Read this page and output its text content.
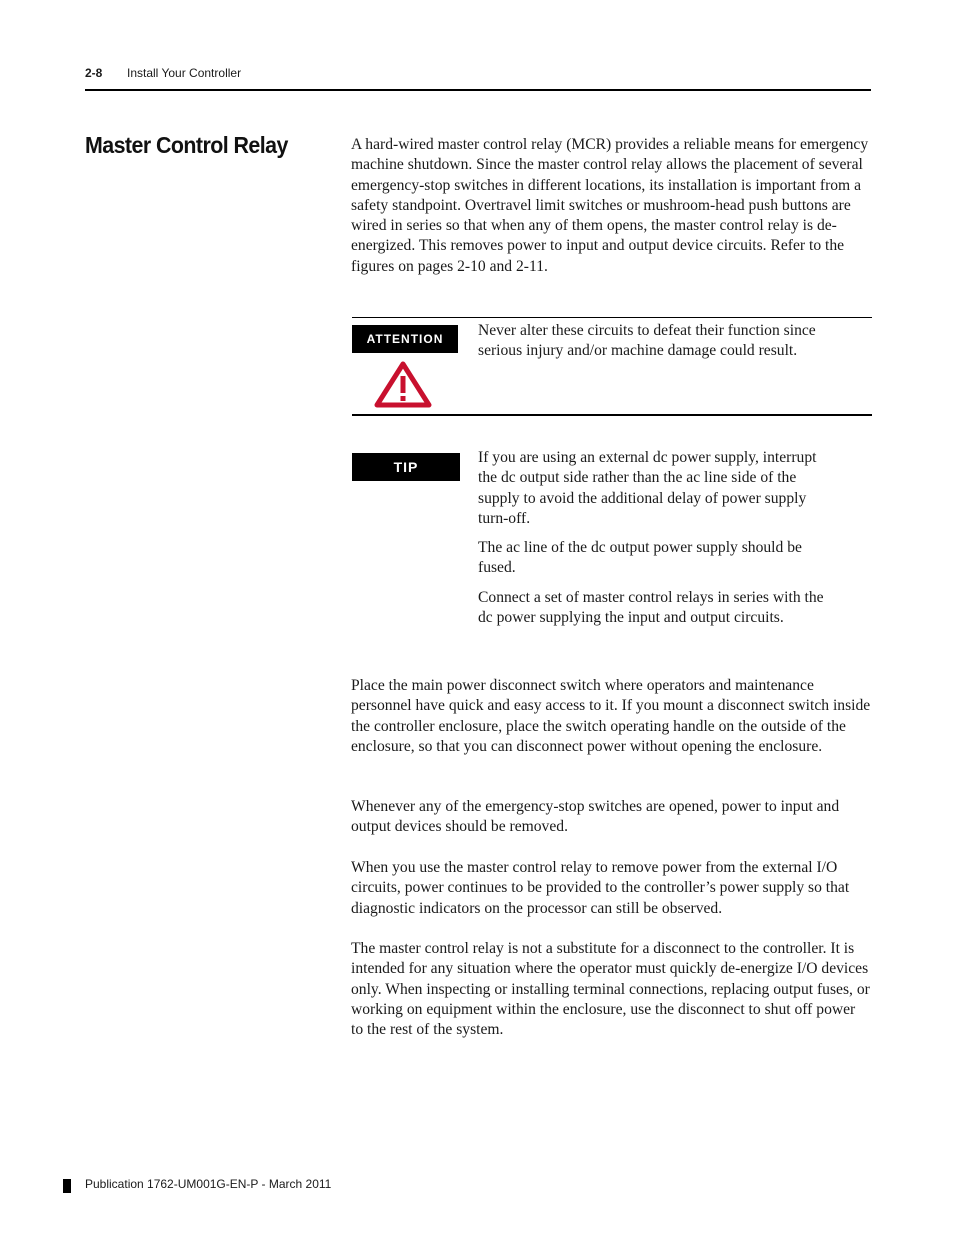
2-8 Install Your Controller
Master Control Relay	A hard-wired master control relay (MCR) provides a reliable means for emergency machine shutdown. Since the master control relay allows the placement of several emergency-stop switches in different locations, its installation is important from a safety standpoint. Overtravel limit switches or mushroom-head push buttons are wired in series so that when any of them opens, the master control relay is de-energized. This removes power to input and output device circuits. Refer to the figures on pages 2-10 and 2-11.

ATTENTION	Never alter these circuits to defeat their function since serious injury and/or machine damage could result.

TIP

If you are using an external dc power supply, interrupt the dc output side rather than the ac line side of the supply to avoid the additional delay of power supply turn-off.

The ac line of the dc output power supply should be fused.

Connect a set of master control relays in series with the dc power supplying the input and output circuits.

Place the main power disconnect switch where operators and maintenance personnel have quick and easy access to it. If you mount a disconnect switch inside the controller enclosure, place the switch operating handle on the outside of the enclosure, so that you can disconnect power without opening the enclosure.

Whenever any of the emergency-stop switches are opened, power to input and output devices should be removed.

When you use the master control relay to remove power from the external I/O circuits, power continues to be provided to the controller’s power supply so that diagnostic indicators on the processor can still be observed.

The master control relay is not a substitute for a disconnect to the controller. It is intended for any situation where the operator must quickly de-energize I/O devices only. When inspecting or installing terminal connections, replacing output fuses, or working on equipment within the enclosure, use the disconnect to shut off power to the rest of the system.

Publication 1762-UM001G-EN-P - March 2011
